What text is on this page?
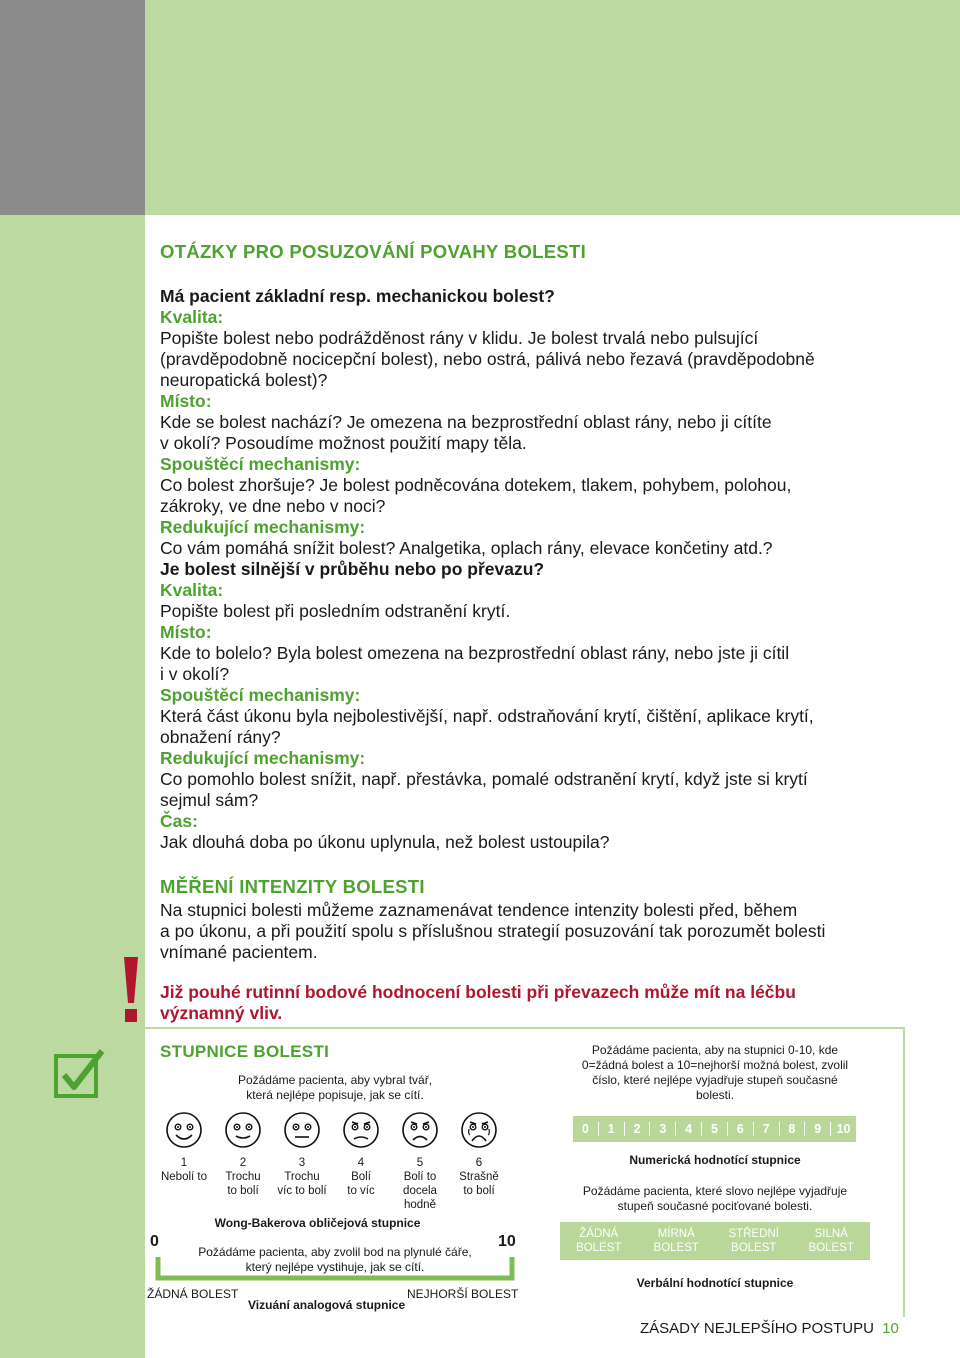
OTÁZKY PRO POSUZOVÁNÍ POVAHY BOLESTI

Má pacient základní resp. mechanickou bolest?

Kvalita:

Popište bolest nebo podrážděnost rány v klidu. Je bolest trvalá nebo pulsující

(pravděpodobně nocicepční bolest), nebo ostrá, pálivá nebo řezavá (pravděpodobně

neuropatická bolest)?

Místo:

Kde se bolest nachází? Je omezena na bezprostřední oblast rány, nebo ji cítíte

v okolí? Posoudíme možnost použití mapy těla.

Spouštěcí mechanismy:

Co bolest zhoršuje? Je bolest podněcována dotekem, tlakem, pohybem, polohou,

zákroky, ve dne nebo v noci?

Redukující mechanismy:

Co vám pomáhá snížit bolest? Analgetika, oplach rány, elevace končetiny atd.?

Je bolest silnější v průběhu nebo po převazu?

Kvalita:

Popište bolest při posledním odstranění krytí.

Místo:

Kde to bolelo? Byla bolest omezena na bezprostřední oblast rány, nebo jste ji cítil

i v okolí?

Spouštěcí mechanismy:

Která část úkonu byla nejbolestivější, např. odstraňování krytí, čištění, aplikace krytí,

obnažení rány?

Redukující mechanismy:

Co pomohlo bolest snížit, např. přestávka, pomalé odstranění krytí, když jste si krytí

sejmul sám?

Čas:

Jak dlouhá doba po úkonu uplynula, než bolest ustoupila?

MĚŘENÍ INTENZITY BOLESTI

Na stupnici bolesti můžeme zaznamenávat tendence intenzity bolesti před, během

a po úkonu, a při použití spolu s příslušnou strategií posuzování tak porozumět bolesti

vnímané pacientem.

Již pouhé rutinní bodové hodnocení bolesti při převazech může mít na léčbu

významný vliv.

STUPNICE BOLESTI
Požádáme pacienta, aby vybral tvář,
která nejlépe popisuje, jak se cítí.
1
Nebolí to
2
Trochu
to bolí
3
Trochu
víc to bolí
4
Bolí
to víc
5
Bolí to
docela
hodně
6
Strašně
to bolí
Wong-Bakerova obličejová stupnice
0	10
Požádáme pacienta, aby zvolil bod na plynulé čáře,
který nejlépe vystihuje, jak se cítí.
ŽÁDNÁ BOLEST	NEJHORŠÍ BOLEST
Vizuání analogová stupnice
Požádáme pacienta, aby na stupnici 0-10, kde
0=žádná bolest a 10=nejhorší možná bolest, zvolil
číslo, které nejlépe vyjadřuje stupeň současné
bolesti.
0	1	2	3	4	5	6	7	8	9	10
Numerická hodnotící stupnice
Požádáme pacienta, které slovo nejlépe vyjadřuje
stupeň současné pociťované bolesti.
ŽÁDNÁ
BOLEST
MÍRNÁ
BOLEST
STŘEDNÍ
BOLEST
SILNÁ
BOLEST
Verbální hodnotící stupnice
ZÁSADY NEJLEPŠÍHO POSTUPU 10
